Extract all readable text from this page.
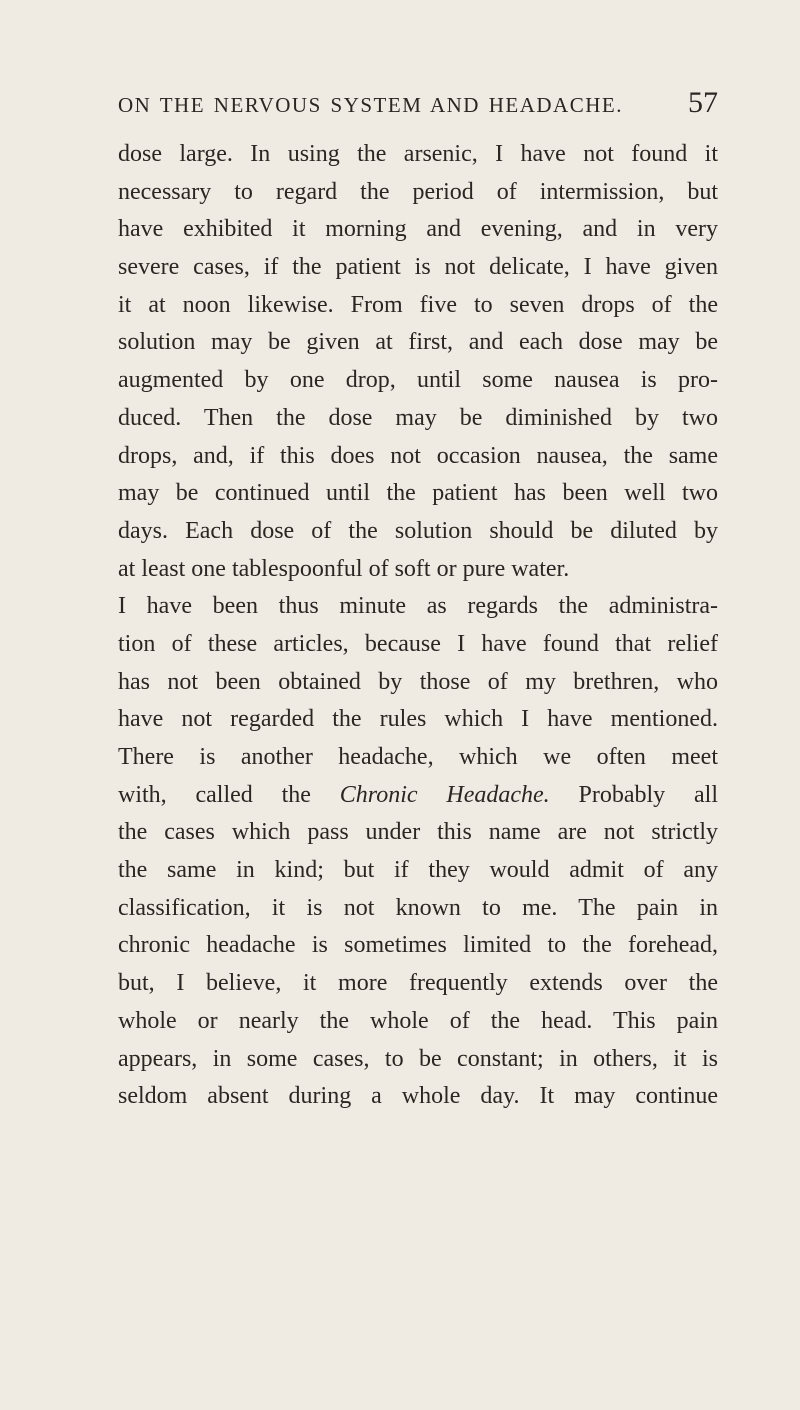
ON THE NERVOUS SYSTEM AND HEADACHE. 57
dose large. In using the arsenic, I have not found it
necessary to regard the period of intermission, but
have exhibited it morning and evening, and in very
severe cases, if the patient is not delicate, I have given
it at noon likewise. From five to seven drops of the
solution may be given at first, and each dose may be
augmented by one drop, until some nausea is pro-
duced. Then the dose may be diminished by two
drops, and, if this does not occasion nausea, the same
may be continued until the patient has been well two
days. Each dose of the solution should be diluted by
at least one tablespoonful of soft or pure water.
I have been thus minute as regards the administra-
tion of these articles, because I have found that relief
has not been obtained by those of my brethren, who
have not regarded the rules which I have mentioned.
There is another headache, which we often meet
with, called the Chronic Headache. Probably all
the cases which pass under this name are not strictly
the same in kind; but if they would admit of any
classification, it is not known to me. The pain in
chronic headache is sometimes limited to the forehead,
but, I believe, it more frequently extends over the
whole or nearly the whole of the head. This pain
appears, in some cases, to be constant; in others, it is
seldom absent during a whole day. It may continue
